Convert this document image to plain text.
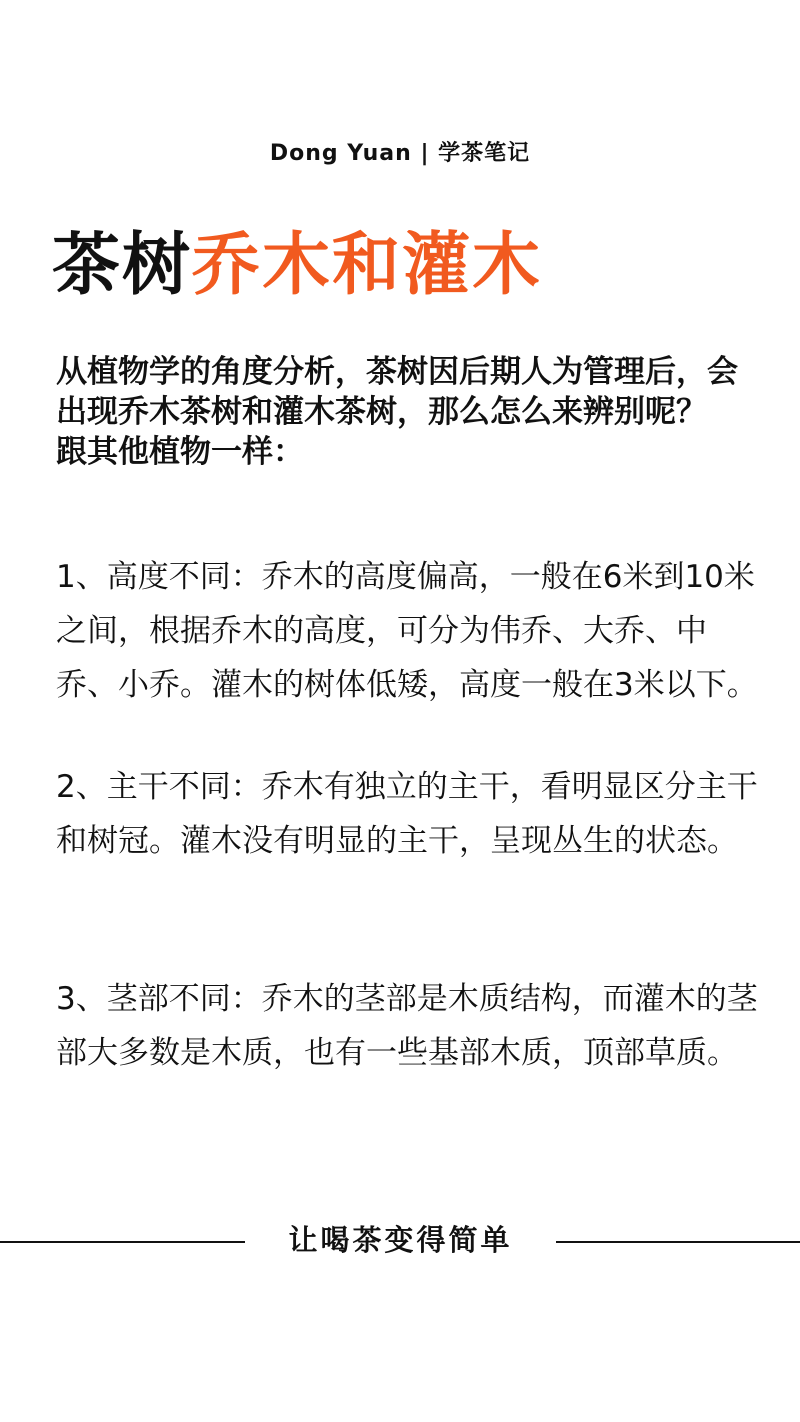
Dong Yuan | 学茶笔记
茶树乔木和灌木

从植物学的角度分析，茶树因后期人为管理后，会出现乔木茶树和灌木茶树，那么怎么来辨别呢？

跟其他植物一样：

1、高度不同：乔木的高度偏高，一般在6米到10米之间，根据乔木的高度，可分为伟乔、大乔、中乔、小乔。灌木的树体低矮，高度一般在3米以下。

2、主干不同：乔木有独立的主干，看明显区分主干和树冠。灌木没有明显的主干，呈现丛生的状态。

3、茎部不同：乔木的茎部是木质结构，而灌木的茎部大多数是木质，也有一些基部木质，顶部草质。

让喝茶变得简单
